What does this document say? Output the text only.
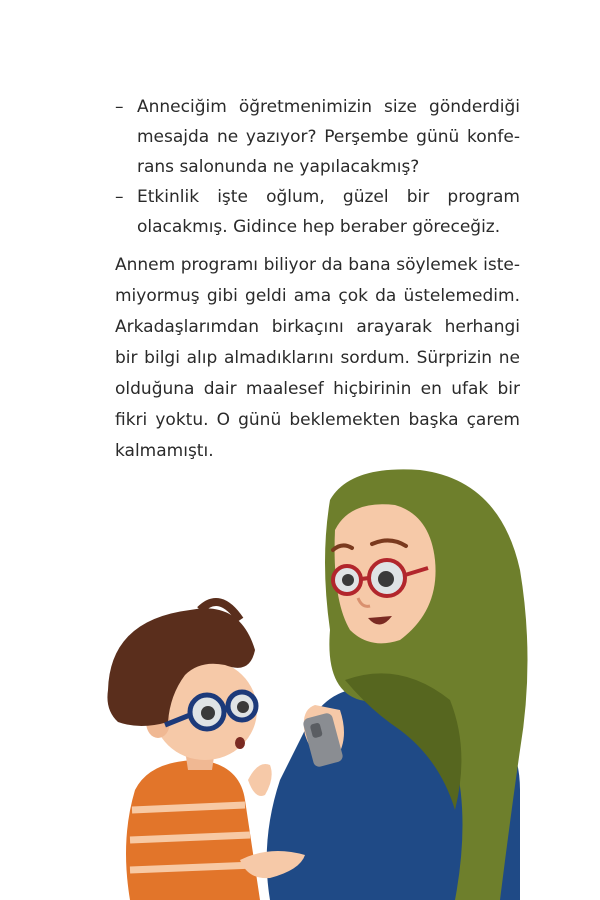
– Anneciğim öğretmenimizin size gönderdiği mesajda ne yazıyor? Perşembe günü konferans salonunda ne yapılacakmış?
– Etkinlik işte oğlum, güzel bir program olacakmış. Gidince hep beraber göreceğiz.

Annem programı biliyor da bana söylemek istemiyormuş gibi geldi ama çok da üstelemedim. Arkadaşlarımdan birkaçını arayarak herhangi bir bilgi alıp almadıklarını sordum. Sürprizin ne olduğuna dair maalesef hiçbirinin en ufak bir fikri yoktu. O günü beklemekten başka çarem kalmamıştı.
